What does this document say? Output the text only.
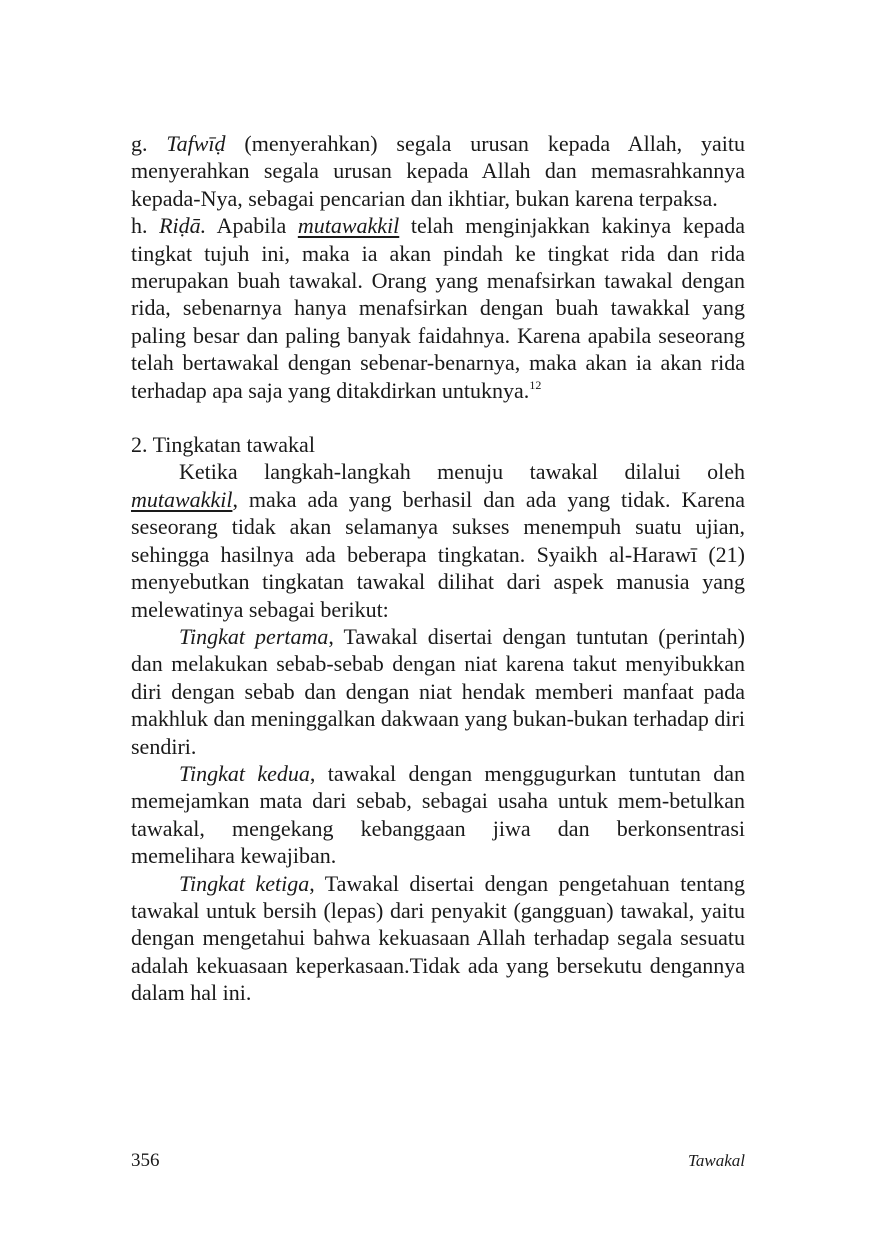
g. Tafwīḍ (menyerahkan) segala urusan kepada Allah, yaitu menyerahkan segala urusan kepada Allah dan memasrahkannya kepada-Nya, sebagai pencarian dan ikhtiar, bukan karena terpaksa.

h. Riḍā. Apabila mutawakkil telah menginjakkan kakinya kepada tingkat tujuh ini, maka ia akan pindah ke tingkat rida dan rida merupakan buah tawakal. Orang yang menafsirkan tawakal dengan rida, sebenarnya hanya menafsirkan dengan buah tawakkal yang paling besar dan paling banyak faidahnya. Karena apabila seseorang telah bertawakal dengan sebenar-benarnya, maka akan ia akan rida terhadap apa saja yang ditakdirkan untuknya.$^{12}$

2. Tingkatan tawakal

Ketika langkah-langkah menuju tawakal dilalui oleh mutawakkil, maka ada yang berhasil dan ada yang tidak. Karena seseorang tidak akan selamanya sukses menempuh suatu ujian, sehingga hasilnya ada beberapa tingkatan. Syaikh al-Harawī (21) menyebutkan tingkatan tawakal dilihat dari aspek manusia yang melewatinya sebagai berikut:

Tingkat pertama, Tawakal disertai dengan tuntutan (perintah) dan melakukan sebab-sebab dengan niat karena takut menyibukkan diri dengan sebab dan dengan niat hendak memberi manfaat pada makhluk dan meninggalkan dakwaan yang bukan-bukan terhadap diri sendiri.

Tingkat kedua, tawakal dengan menggugurkan tuntutan dan memejamkan mata dari sebab, sebagai usaha untuk mem-betulkan tawakal, mengekang kebanggaan jiwa dan berkonsentrasi memelihara kewajiban.

Tingkat ketiga, Tawakal disertai dengan pengetahuan tentang tawakal untuk bersih (lepas) dari penyakit (gangguan) tawakal, yaitu dengan mengetahui bahwa kekuasaan Allah terhadap segala sesuatu adalah kekuasaan keperkasaan.Tidak ada yang bersekutu dengannya dalam hal ini.

356	Tawakal
